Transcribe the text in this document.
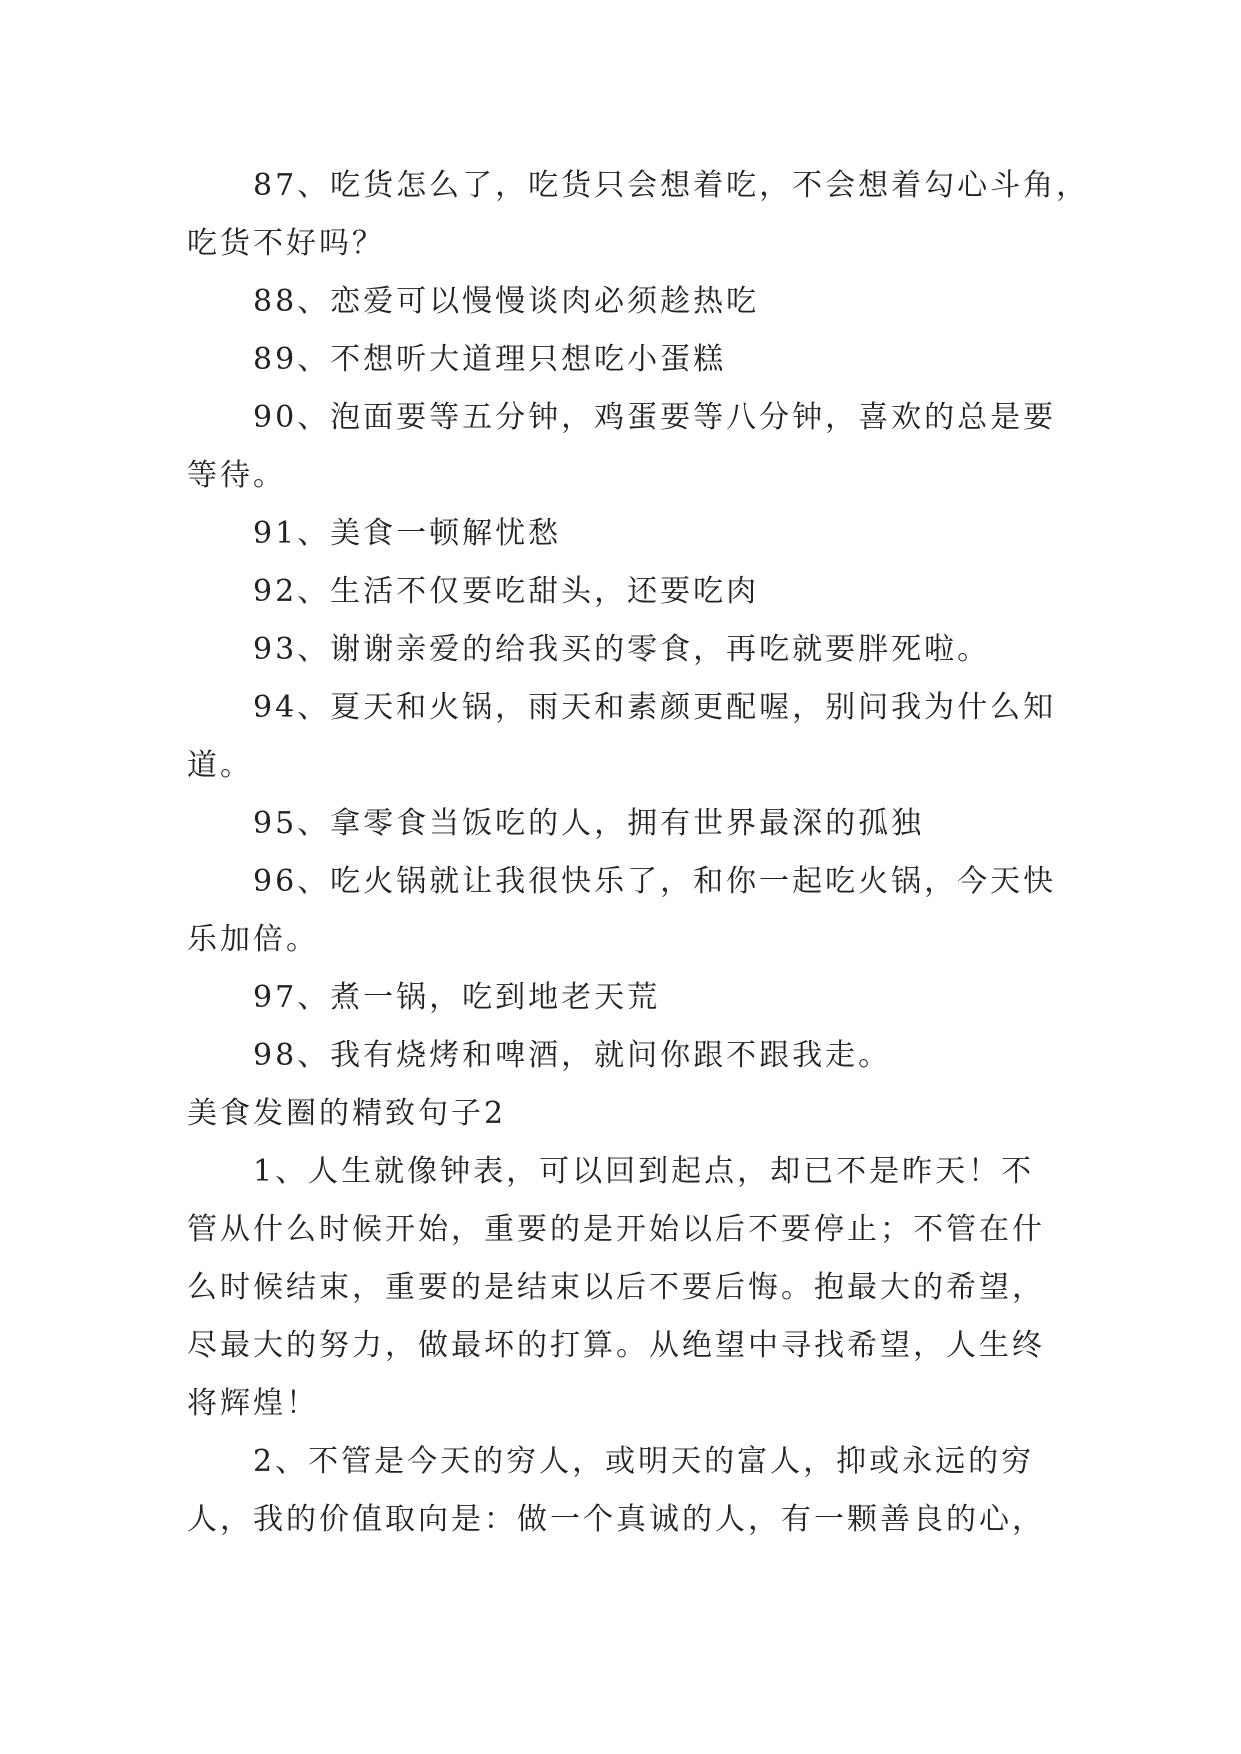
87、吃货怎么了，吃货只会想着吃，不会想着勾心斗角，
吃货不好吗？
88、恋爱可以慢慢谈肉必须趁热吃
89、不想听大道理只想吃小蛋糕
90、泡面要等五分钟，鸡蛋要等八分钟，喜欢的总是要
等待。
91、美食一顿解忧愁
92、生活不仅要吃甜头，还要吃肉
93、谢谢亲爱的给我买的零食，再吃就要胖死啦。
94、夏天和火锅，雨天和素颜更配喔，别问我为什么知
道。
95、拿零食当饭吃的人，拥有世界最深的孤独
96、吃火锅就让我很快乐了，和你一起吃火锅，今天快
乐加倍。
97、煮一锅，吃到地老天荒
98、我有烧烤和啤酒，就问你跟不跟我走。
美食发圈的精致句子2
1、人生就像钟表，可以回到起点，却已不是昨天！不
管从什么时候开始，重要的是开始以后不要停止；不管在什
么时候结束，重要的是结束以后不要后悔。抱最大的希望，
尽最大的努力，做最坏的打算。从绝望中寻找希望，人生终
将辉煌！
2、不管是今天的穷人，或明天的富人，抑或永远的穷
人，我的价值取向是：做一个真诚的人，有一颗善良的心，
